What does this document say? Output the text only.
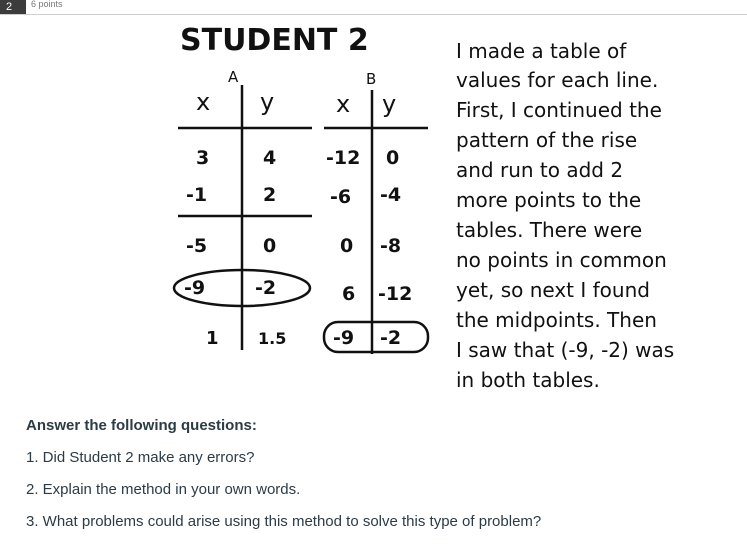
2	6 points
STUDENT 2
A
x y
3	4
-1	2
-5	0
-9	-2
1 1.5
B
x y
-12 0
-6 -4
0 -8
6 -12
-9 -2
I made a table of
values for each line.
First, I continued the
pattern of the rise
and run to add 2
more points to the
tables. There were
no points in common
yet, so next I found
the midpoints. Then
I saw that (-9, -2) was
in both tables.
Answer the following questions:
1. Did Student 2 make any errors?
2. Explain the method in your own words.
3. What problems could arise using this method to solve this type of problem?
